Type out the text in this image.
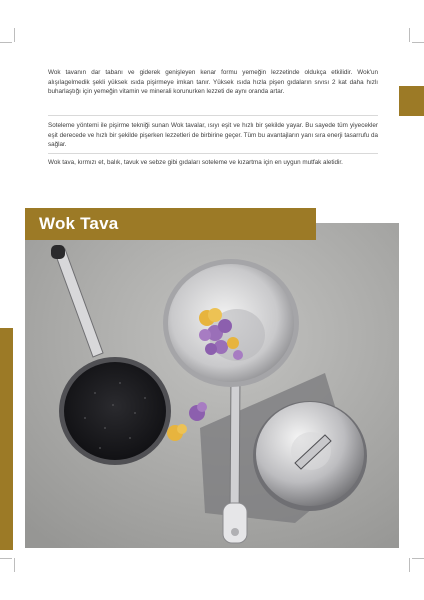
Wok tavanın dar tabanı ve giderek genişleyen kenar formu yemeğin lezzetinde oldukça etkilidir. Wok'un alışılagelmedik şekli yüksek ısıda pişirmeye imkan tanır. Yüksek ısıda hızla pişen gıdaların sıvısı 2 kat daha hızlı buharlaştığı için yemeğin vitamin ve minerali korunurken lezzeti de aynı oranda artar.

Soteleme yöntemi ile pişirme tekniği sunan Wok tavalar, ısıyı eşit ve hızlı bir şekilde yayar. Bu sayede tüm yiyecekler eşit derecede ve hızlı bir şekilde pişerken lezzetleri de birbirine geçer. Tüm bu avantajların yanı sıra enerji tasarrufu da sağlar.

Wok tava, kırmızı et, balık, tavuk ve sebze gibi gıdaları soteleme ve kızartma için en uygun mutfak aletidir.

Wok Tava
